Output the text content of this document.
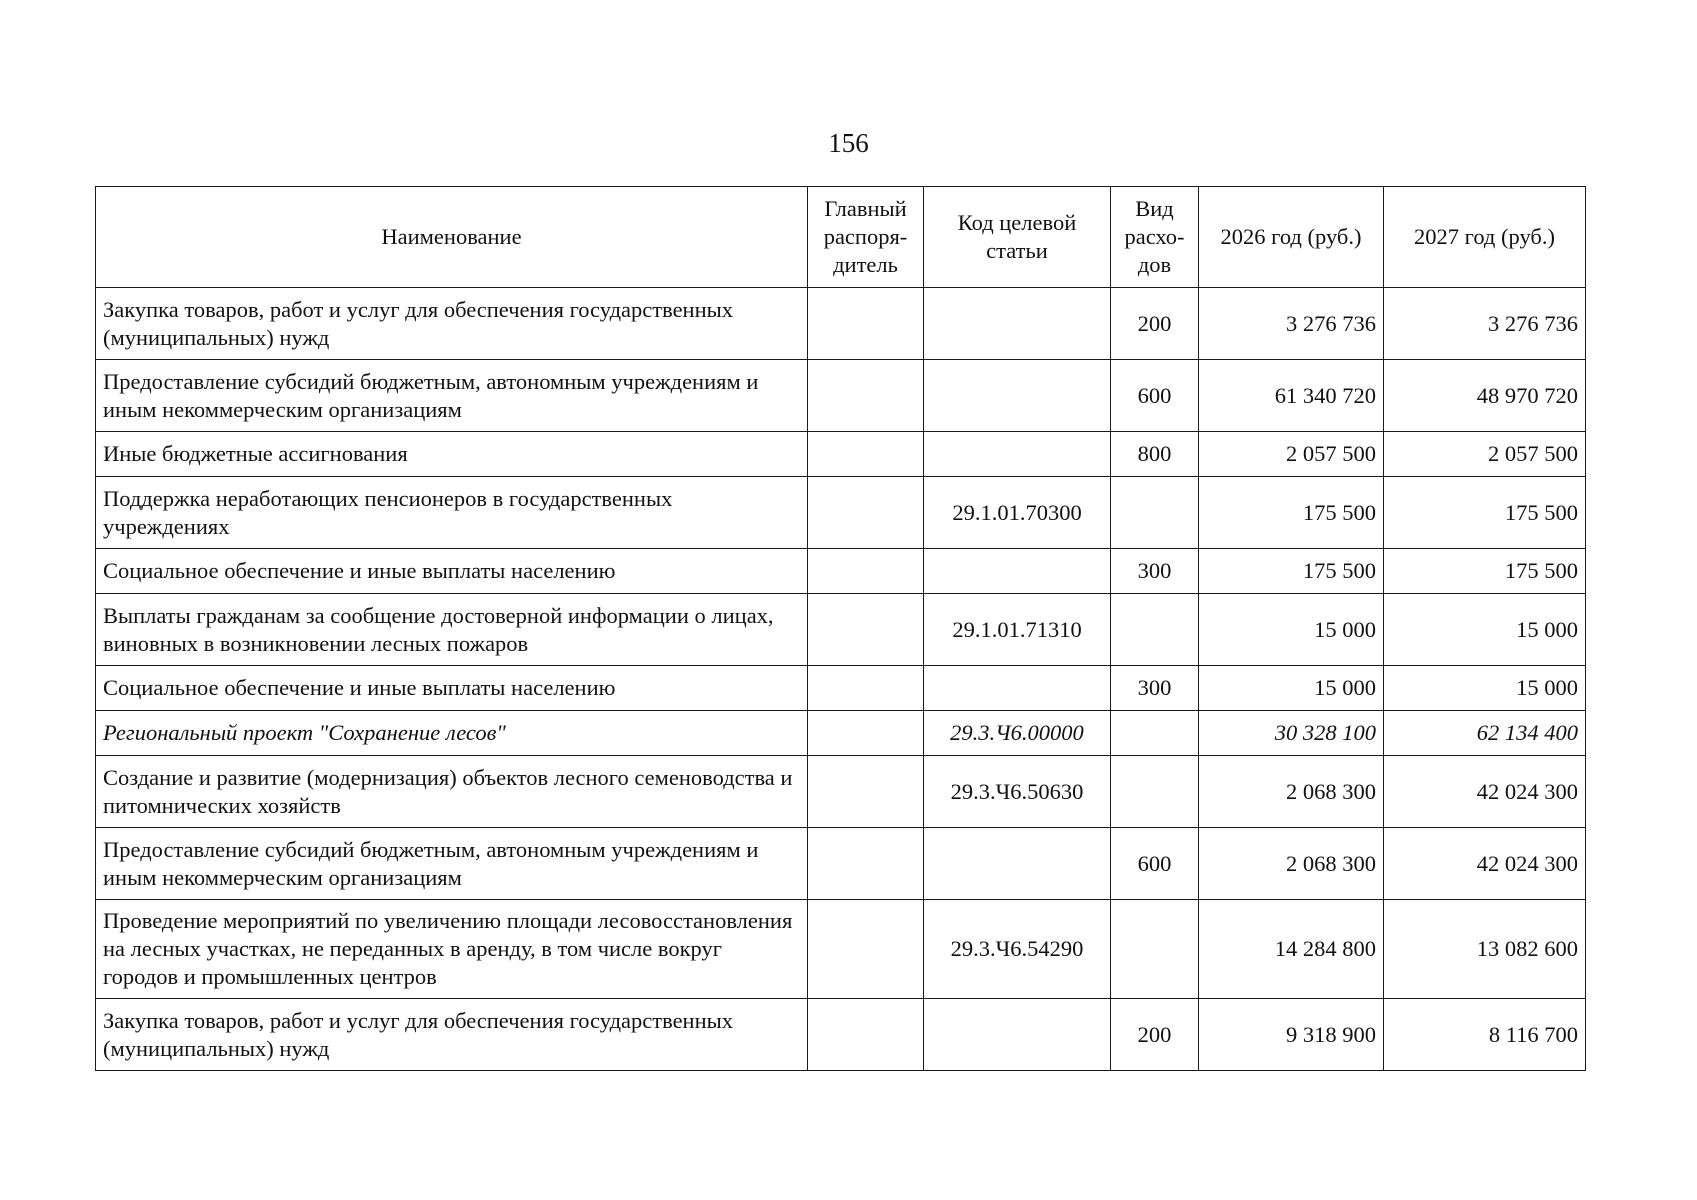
156
Наименование	Главный распоря-дитель	Код целевой статьи	Вид расхо-дов	2026 год (руб.)	2027 год (руб.)
Закупка товаров, работ и услуг для обеспечения государственных (муниципальных) нужд			200	3 276 736	3 276 736
Предоставление субсидий бюджетным, автономным учреждениям и иным некоммерческим организациям			600	61 340 720	48 970 720
Иные бюджетные ассигнования			800	2 057 500	2 057 500
Поддержка неработающих пенсионеров в государственных учреждениях		29.1.01.70300		175 500	175 500
Социальное обеспечение и иные выплаты населению			300	175 500	175 500
Выплаты гражданам за сообщение достоверной информации о лицах, виновных в возникновении лесных пожаров		29.1.01.71310		15 000	15 000
Социальное обеспечение и иные выплаты населению			300	15 000	15 000
Региональный проект "Сохранение лесов"		29.3.Ч6.00000		30 328 100	62 134 400
Создание и развитие (модернизация) объектов лесного семеноводства и питомнических хозяйств		29.3.Ч6.50630		2 068 300	42 024 300
Предоставление субсидий бюджетным, автономным учреждениям и иным некоммерческим организациям			600	2 068 300	42 024 300
Проведение мероприятий по увеличению площади лесовосстановления на лесных участках, не переданных в аренду, в том числе вокруг городов и промышленных центров		29.3.Ч6.54290		14 284 800	13 082 600
Закупка товаров, работ и услуг для обеспечения государственных (муниципальных) нужд			200	9 318 900	8 116 700
